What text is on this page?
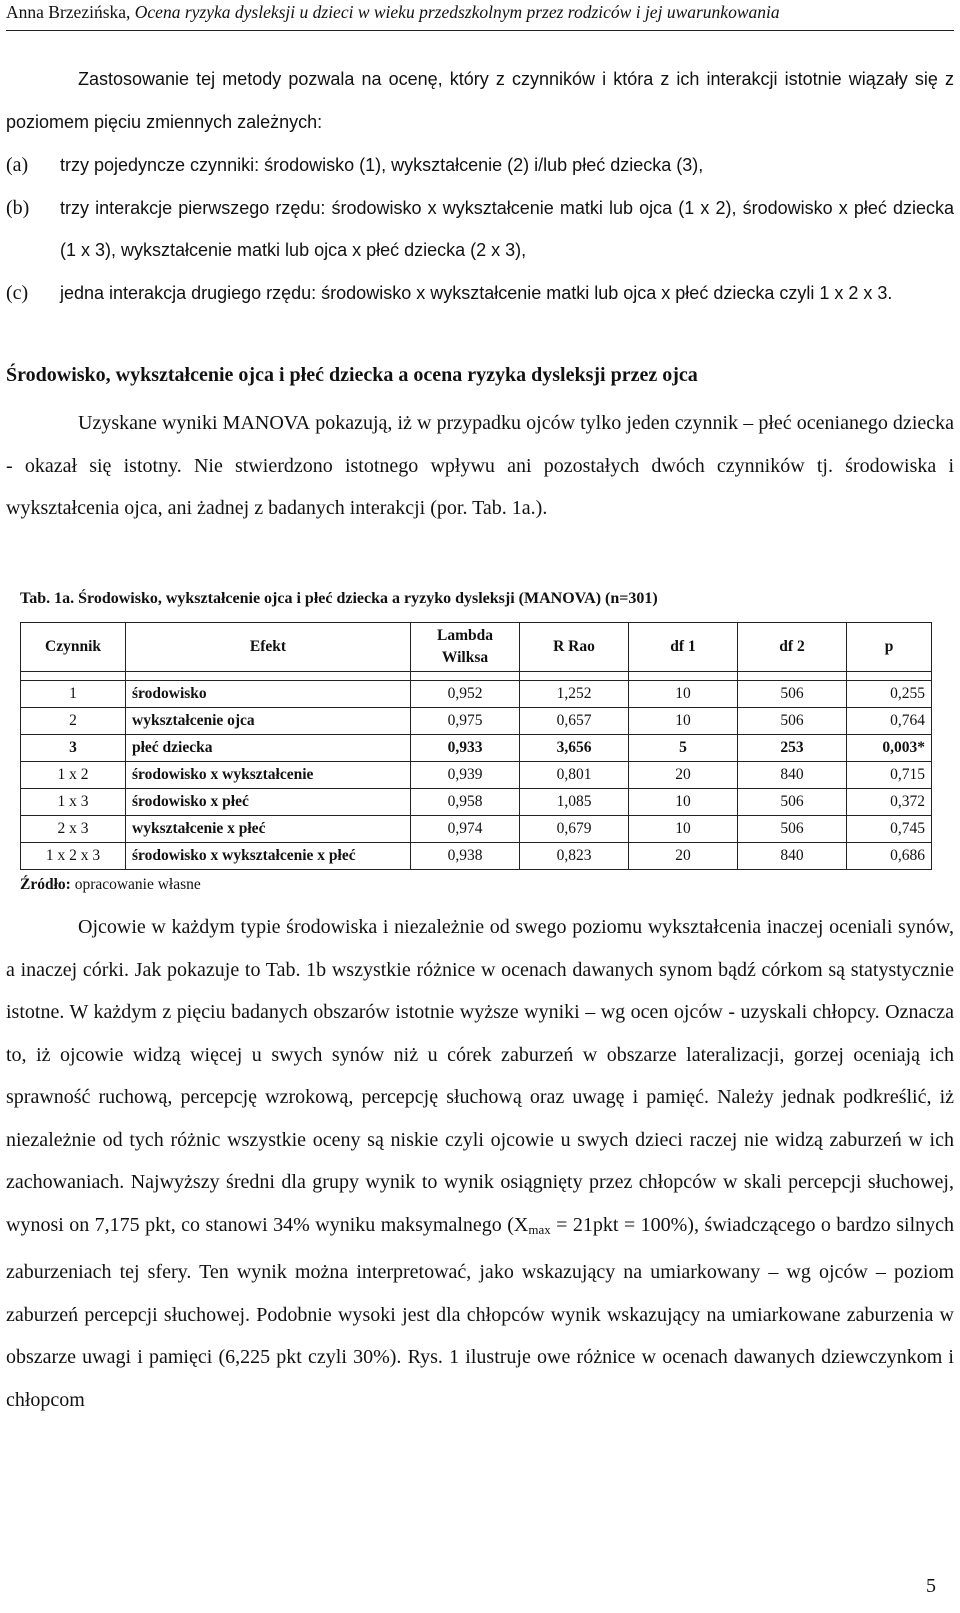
Anna Brzezińska, Ocena ryzyka dysleksji u dzieci w wieku przedszkolnym przez rodziców i jej uwarunkowania

Zastosowanie tej metody pozwala na ocenę, który z czynników i która z ich interakcji istotnie wiązały się z poziomem pięciu zmiennych zależnych:

(a) trzy pojedyncze czynniki: środowisko (1), wykształcenie (2) i/lub płeć dziecka (3),
(b) trzy interakcje pierwszego rzędu: środowisko x wykształcenie matki lub ojca (1 x 2), środowisko x płeć dziecka (1 x 3), wykształcenie matki lub ojca x płeć dziecka (2 x 3),
(c) jedna interakcja drugiego rzędu: środowisko x wykształcenie matki lub ojca x płeć dziecka czyli 1 x 2 x 3.
Środowisko, wykształcenie ojca i płeć dziecka a ocena ryzyka dysleksji przez ojca

Uzyskane wyniki MANOVA pokazują, iż w przypadku ojców tylko jeden czynnik – płeć ocenianego dziecka - okazał się istotny. Nie stwierdzono istotnego wpływu ani pozostałych dwóch czynników tj. środowiska i wykształcenia ojca, ani żadnej z badanych interakcji (por. Tab. 1a.).

Tab. 1a. Środowisko, wykształcenie ojca i płeć dziecka a ryzyko dysleksji (MANOVA) (n=301)

Czynnik	Efekt	Lambda Wilksa	R Rao	df 1	df 2	p

1	środowisko	0,952	1,252	10	506	0,255
2	wykształcenie ojca	0,975	0,657	10	506	0,764
3	płeć dziecka	0,933	3,656	5	253	0,003*
1 x 2	środowisko x wykształcenie	0,939	0,801	20	840	0,715
1 x 3	środowisko x płeć	0,958	1,085	10	506	0,372
2 x 3	wykształcenie x płeć	0,974	0,679	10	506	0,745
1 x 2 x 3	środowisko x wykształcenie x płeć	0,938	0,823	20	840	0,686

Źródło: opracowanie własne

Ojcowie w każdym typie środowiska i niezależnie od swego poziomu wykształcenia inaczej oceniali synów, a inaczej córki. Jak pokazuje to Tab. 1b wszystkie różnice w ocenach dawanych synom bądź córkom są statystycznie istotne. W każdym z pięciu badanych obszarów istotnie wyższe wyniki – wg ocen ojców - uzyskali chłopcy. Oznacza to, iż ojcowie widzą więcej u swych synów niż u córek zaburzeń w obszarze lateralizacji, gorzej oceniają ich sprawność ruchową, percepcję wzrokową, percepcję słuchową oraz uwagę i pamięć. Należy jednak podkreślić, iż niezależnie od tych różnic wszystkie oceny są niskie czyli ojcowie u swych dzieci raczej nie widzą zaburzeń w ich zachowaniach. Najwyższy średni dla grupy wynik to wynik osiągnięty przez chłopców w skali percepcji słuchowej, wynosi on 7,175 pkt, co stanowi 34% wyniku maksymalnego $(X_{max} = 21pkt = 100\%)$, świadczącego o bardzo silnych zaburzeniach tej sfery. Ten wynik można interpretować, jako wskazujący na umiarkowany – wg ojców – poziom zaburzeń percepcji słuchowej. Podobnie wysoki jest dla chłopców wynik wskazujący na umiarkowane zaburzenia w obszarze uwagi i pamięci (6,225 pkt czyli 30%). Rys. 1 ilustruje owe różnice w ocenach dawanych dziewczynkom i chłopcom

5
